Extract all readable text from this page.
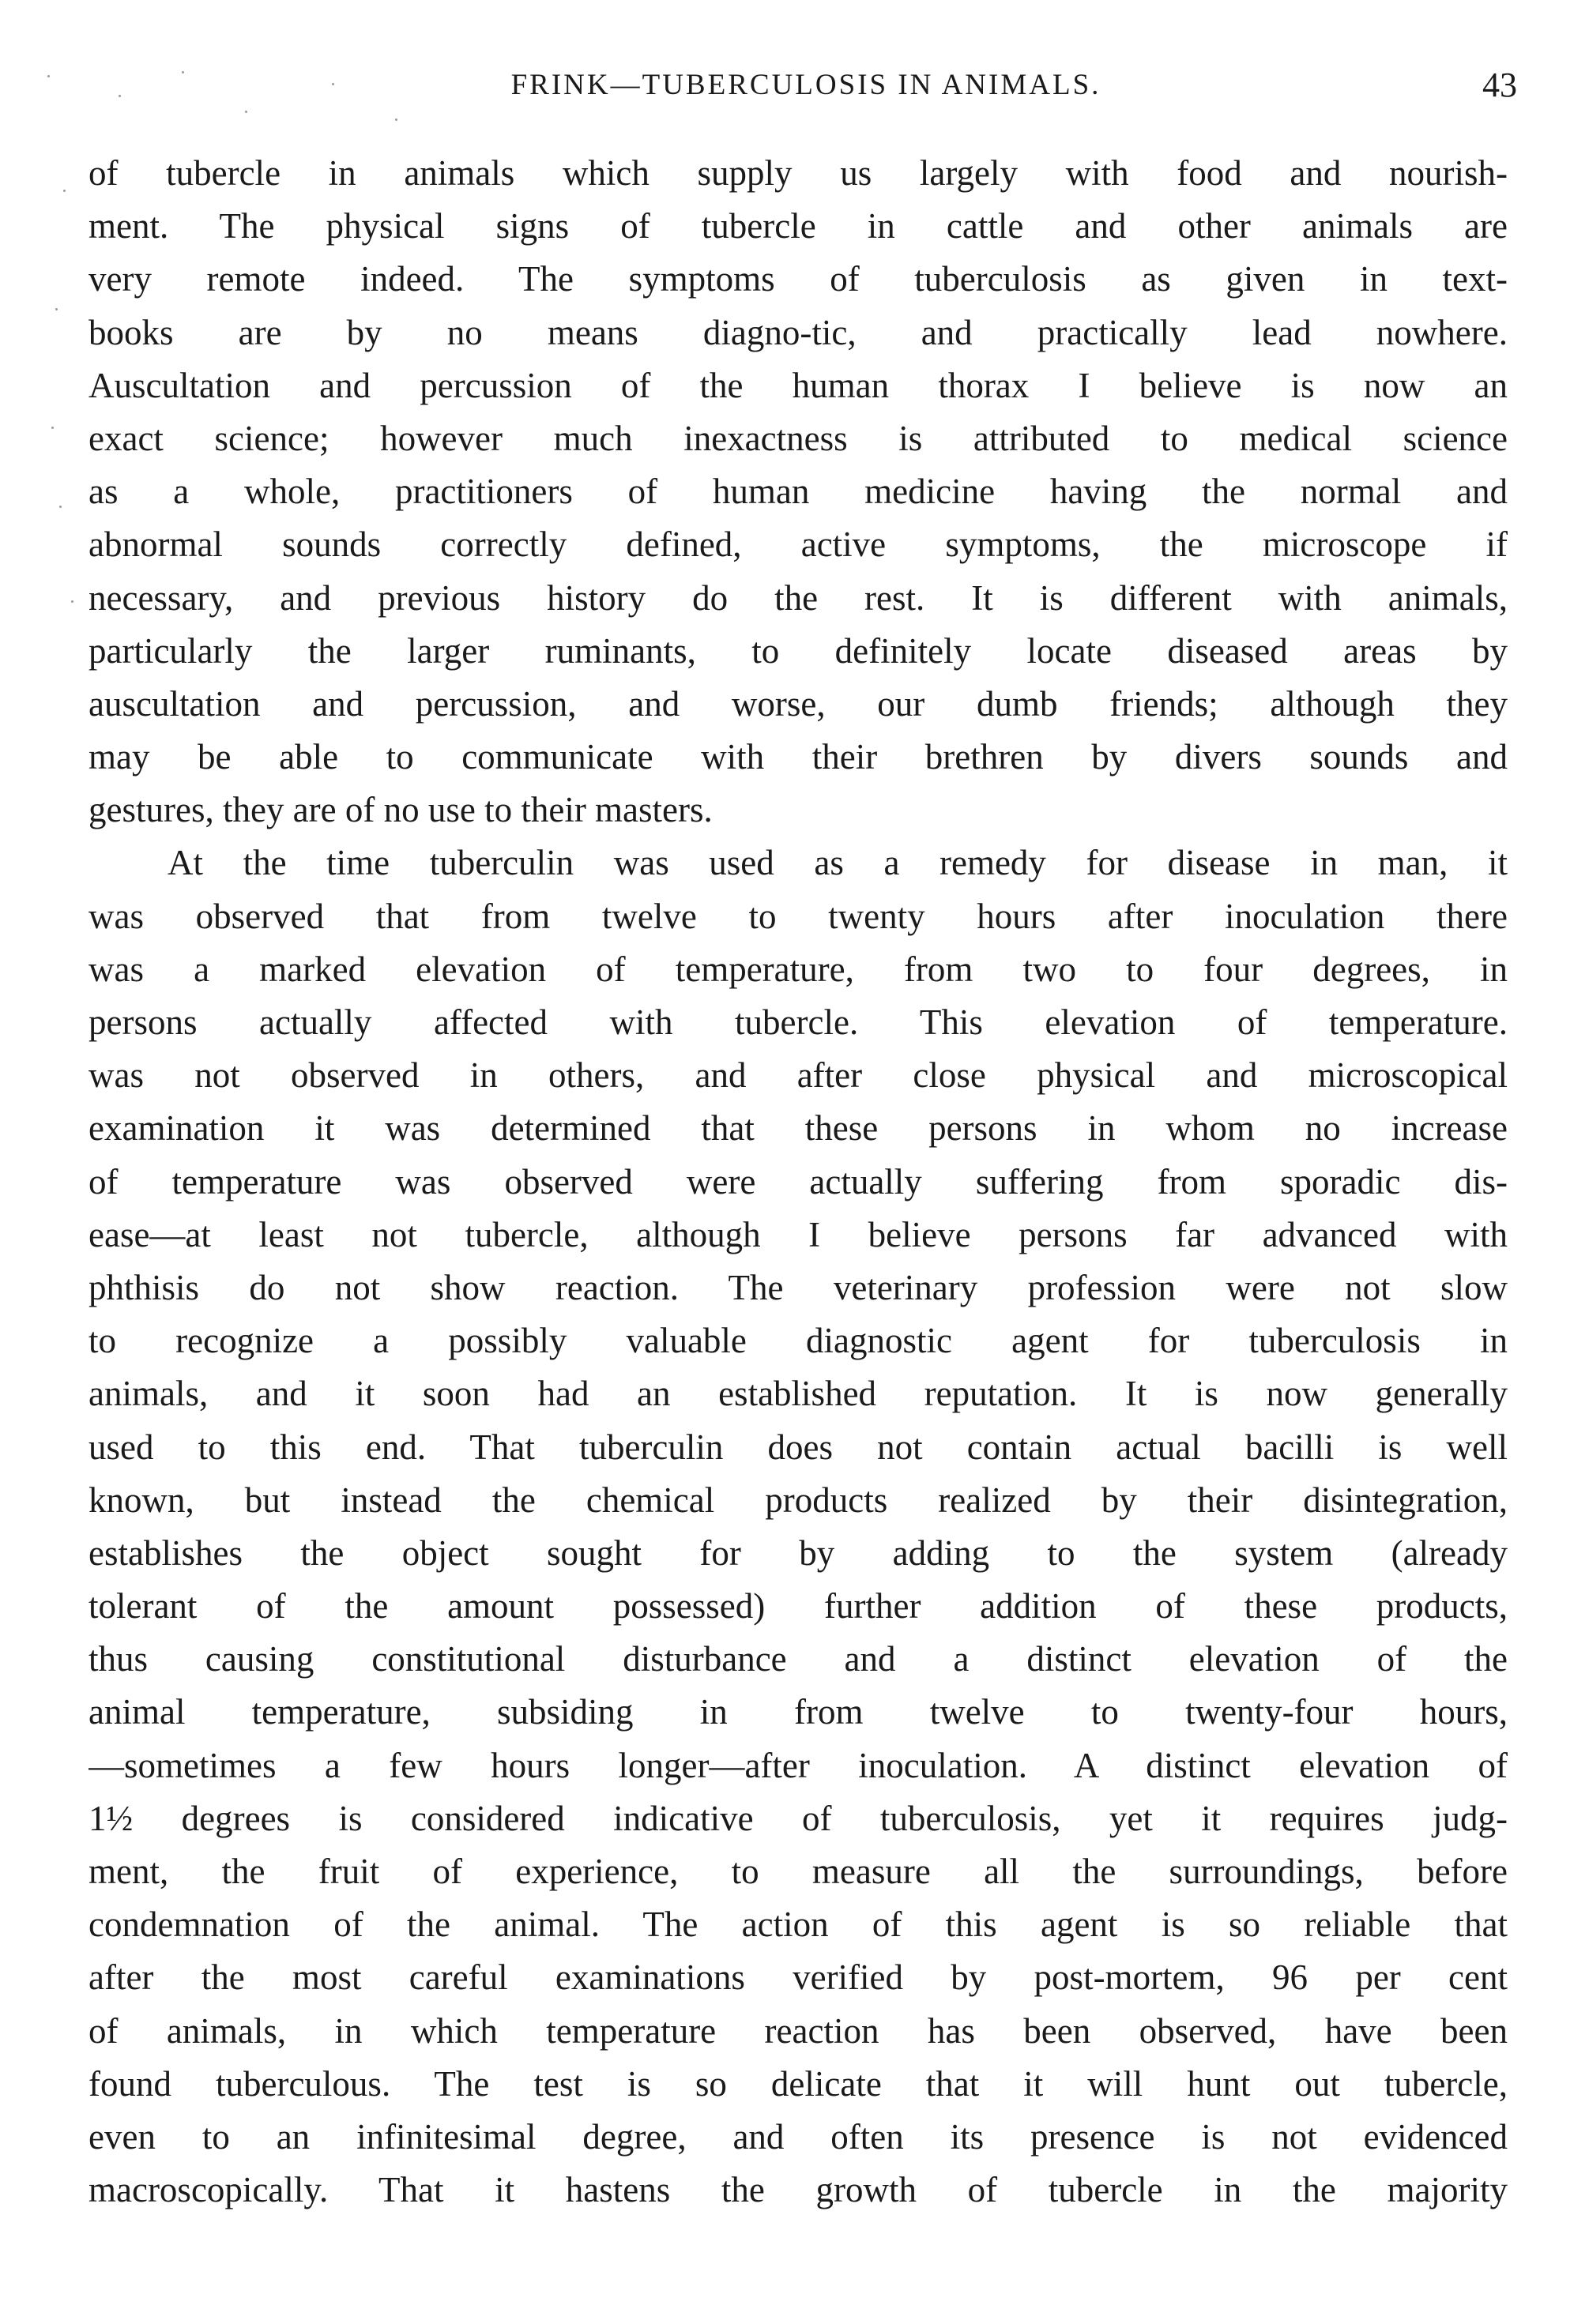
FRINK—TUBERCULOSIS IN ANIMALS.	43
of tubercle in animals which supply us largely with food and nourish-
ment. The physical signs of tubercle in cattle and other animals are
very remote indeed. The symptoms of tuberculosis as given in text-
books are by no means diagno-tic, and practically lead nowhere.
Auscultation and percussion of the human thorax I believe is now an
exact science; however much inexactness is attributed to medical science
as a whole, practitioners of human medicine having the normal and
abnormal sounds correctly defined, active symptoms, the microscope if
necessary, and previous history do the rest. It is different with animals,
particularly the larger ruminants, to definitely locate diseased areas by
auscultation and percussion, and worse, our dumb friends; although they
may be able to communicate with their brethren by divers sounds and
gestures, they are of no use to their masters.
At the time tuberculin was used as a remedy for disease in man, it
was observed that from twelve to twenty hours after inoculation there
was a marked elevation of temperature, from two to four degrees, in
persons actually affected with tubercle. This elevation of temperature.
was not observed in others, and after close physical and microscopical
examination it was determined that these persons in whom no increase
of temperature was observed were actually suffering from sporadic dis-
ease—at least not tubercle, although I believe persons far advanced with
phthisis do not show reaction. The veterinary profession were not slow
to recognize a possibly valuable diagnostic agent for tuberculosis in
animals, and it soon had an established reputation. It is now generally
used to this end. That tuberculin does not contain actual bacilli is well
known, but instead the chemical products realized by their disintegration,
establishes the object sought for by adding to the system (already
tolerant of the amount possessed) further addition of these products,
thus causing constitutional disturbance and a distinct elevation of the
animal temperature, subsiding in from twelve to twenty-four hours,
—sometimes a few hours longer—after inoculation. A distinct elevation of
1½ degrees is considered indicative of tuberculosis, yet it requires judg-
ment, the fruit of experience, to measure all the surroundings, before
condemnation of the animal. The action of this agent is so reliable that
after the most careful examinations verified by post-mortem, 96 per cent
of animals, in which temperature reaction has been observed, have been
found tuberculous. The test is so delicate that it will hunt out tubercle,
even to an infinitesimal degree, and often its presence is not evidenced
macroscopically. That it hastens the growth of tubercle in the majority
